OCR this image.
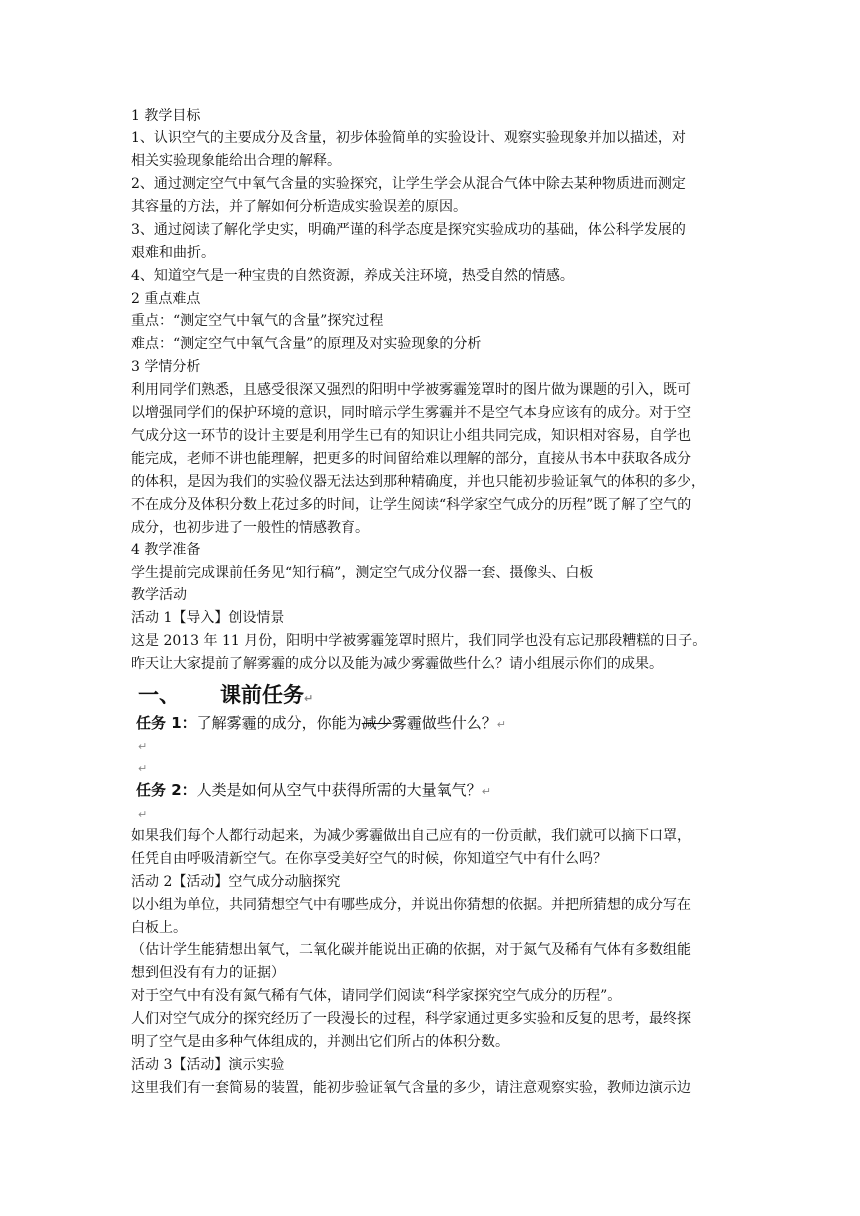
1 教学目标
1、认识空气的主要成分及含量，初步体验简单的实验设计、观察实验现象并加以描述，对
相关实验现象能给出合理的解释。
2、通过测定空气中氧气含量的实验探究，让学生学会从混合气体中除去某种物质进而测定
其容量的方法，并了解如何分析造成实验误差的原因。
3、通过阅读了解化学史实，明确严谨的科学态度是探究实验成功的基础，体公科学发展的
艰难和曲折。
4、知道空气是一种宝贵的自然资源，养成关注环境，热受自然的情感。
2 重点难点
重点：“测定空气中氧气的含量”探究过程
难点：“测定空气中氧气含量”的原理及对实验现象的分析
3 学情分析
利用同学们熟悉，且感受很深又强烈的阳明中学被雾霾笼罩时的图片做为课题的引入，既可
以增强同学们的保护环境的意识，同时暗示学生雾霾并不是空气本身应该有的成分。对于空
气成分这一环节的设计主要是利用学生已有的知识让小组共同完成，知识相对容易，自学也
能完成，老师不讲也能理解，把更多的时间留给难以理解的部分，直接从书本中获取各成分
的体积，是因为我们的实验仪器无法达到那种精确度，并也只能初步验证氧气的体积的多少，
不在成分及体积分数上花过多的时间，让学生阅读“科学家空气成分的历程”既了解了空气的
成分，也初步进了一般性的情感教育。
4 教学准备
学生提前完成课前任务见“知行稿”，测定空气成分仪器一套、摄像头、白板
教学活动
活动 1【导入】创设情景
这是 2013 年 11 月份，阳明中学被雾霾笼罩时照片，我们同学也没有忘记那段糟糕的日子。
昨天让大家提前了解雾霾的成分以及能为减少雾霾做些什么？请小组展示你们的成果。
一、 课前任务↵
任务 1：了解雾霾的成分，你能为减少雾霾做些什么？↵
↵
↵
任务 2：人类是如何从空气中获得所需的大量氧气？↵
↵
如果我们每个人都行动起来，为减少雾霾做出自己应有的一份贡献，我们就可以摘下口罩，
任凭自由呼吸清新空气。在你享受美好空气的时候，你知道空气中有什么吗？
活动 2【活动】空气成分动脑探究
以小组为单位，共同猜想空气中有哪些成分，并说出你猜想的依据。并把所猜想的成分写在
白板上。
（估计学生能猜想出氧气，二氧化碳并能说出正确的依据，对于氮气及稀有气体有多数组能
想到但没有有力的证据）
对于空气中有没有氮气稀有气体，请同学们阅读“科学家探究空气成分的历程”。
人们对空气成分的探究经历了一段漫长的过程，科学家通过更多实验和反复的思考，最终探
明了空气是由多种气体组成的，并测出它们所占的体积分数。
活动 3【活动】演示实验
这里我们有一套简易的装置，能初步验证氧气含量的多少，请注意观察实验，教师边演示边
